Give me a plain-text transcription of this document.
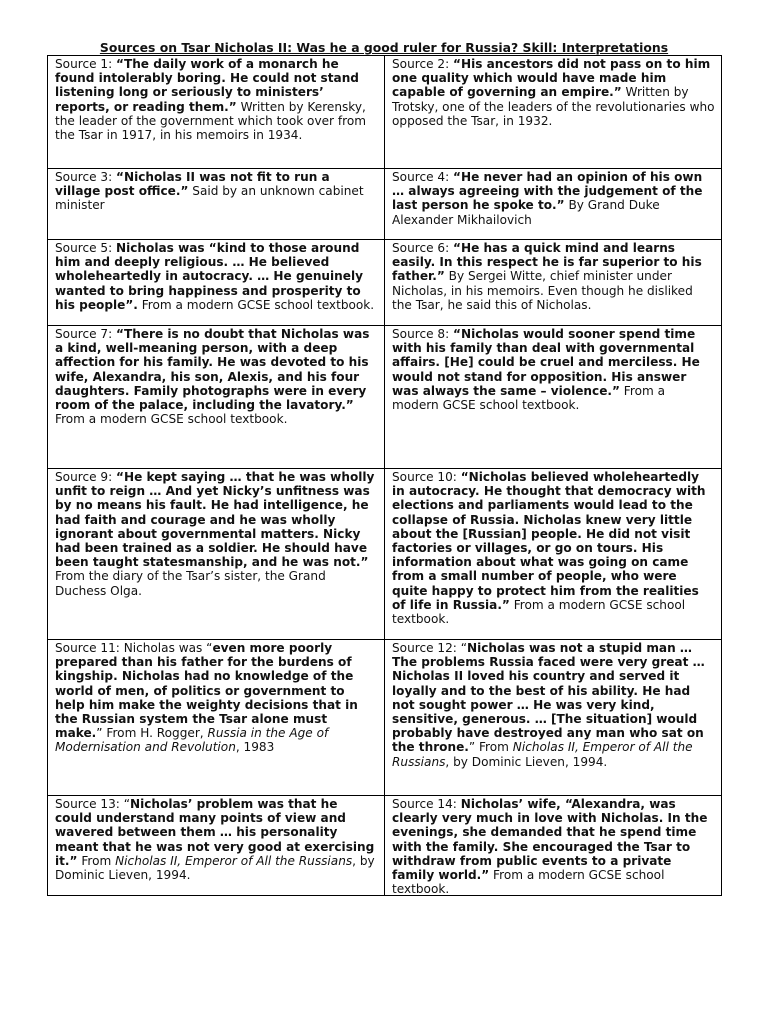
Sources on Tsar Nicholas II: Was he a good ruler for Russia? Skill: Interpretations
Source 1: “The daily work of a monarch he found intolerably boring. He could not stand listening long or seriously to ministers’ reports, or reading them.” Written by Kerensky, the leader of the government which took over from the Tsar in 1917, in his memoirs in 1934.
Source 2: “His ancestors did not pass on to him one quality which would have made him capable of governing an empire.” Written by Trotsky, one of the leaders of the revolutionaries who opposed the Tsar, in 1932.
Source 3: “Nicholas II was not fit to run a village post office.” Said by an unknown cabinet minister
Source 4: “He never had an opinion of his own … always agreeing with the judgement of the last person he spoke to.” By Grand Duke Alexander Mikhailovich
Source 5: Nicholas was “kind to those around him and deeply religious. … He believed wholeheartedly in autocracy. … He genuinely wanted to bring happiness and prosperity to his people”. From a modern GCSE school textbook.
Source 6: “He has a quick mind and learns easily. In this respect he is far superior to his father.” By Sergei Witte, chief minister under Nicholas, in his memoirs. Even though he disliked the Tsar, he said this of Nicholas.
Source 7: “There is no doubt that Nicholas was a kind, well-meaning person, with a deep affection for his family. He was devoted to his wife, Alexandra, his son, Alexis, and his four daughters. Family photographs were in every room of the palace, including the lavatory.” From a modern GCSE school textbook.
Source 8: “Nicholas would sooner spend time with his family than deal with governmental affairs. [He] could be cruel and merciless. He would not stand for opposition. His answer was always the same – violence.” From a modern GCSE school textbook.
Source 9: “He kept saying … that he was wholly unfit to reign … And yet Nicky’s unfitness was by no means his fault. He had intelligence, he had faith and courage and he was wholly ignorant about governmental matters. Nicky had been trained as a soldier. He should have been taught statesmanship, and he was not.” From the diary of the Tsar’s sister, the Grand Duchess Olga.
Source 10: “Nicholas believed wholeheartedly in autocracy. He thought that democracy with elections and parliaments would lead to the collapse of Russia. Nicholas knew very little about the [Russian] people. He did not visit factories or villages, or go on tours. His information about what was going on came from a small number of people, who were quite happy to protect him from the realities of life in Russia.” From a modern GCSE school textbook.
Source 11: Nicholas was “even more poorly prepared than his father for the burdens of kingship. Nicholas had no knowledge of the world of men, of politics or government to help him make the weighty decisions that in the Russian system the Tsar alone must make.” From H. Rogger, Russia in the Age of Modernisation and Revolution, 1983
Source 12: “Nicholas was not a stupid man … The problems Russia faced were very great … Nicholas II loved his country and served it loyally and to the best of his ability. He had not sought power … He was very kind, sensitive, generous. … [The situation] would probably have destroyed any man who sat on the throne.” From Nicholas II, Emperor of All the Russians, by Dominic Lieven, 1994.
Source 13: “Nicholas’ problem was that he could understand many points of view and wavered between them … his personality meant that he was not very good at exercising it.” From Nicholas II, Emperor of All the Russians, by Dominic Lieven, 1994.
Source 14: Nicholas’ wife, “Alexandra, was clearly very much in love with Nicholas. In the evenings, she demanded that he spend time with the family. She encouraged the Tsar to withdraw from public events to a private family world.” From a modern GCSE school textbook.
